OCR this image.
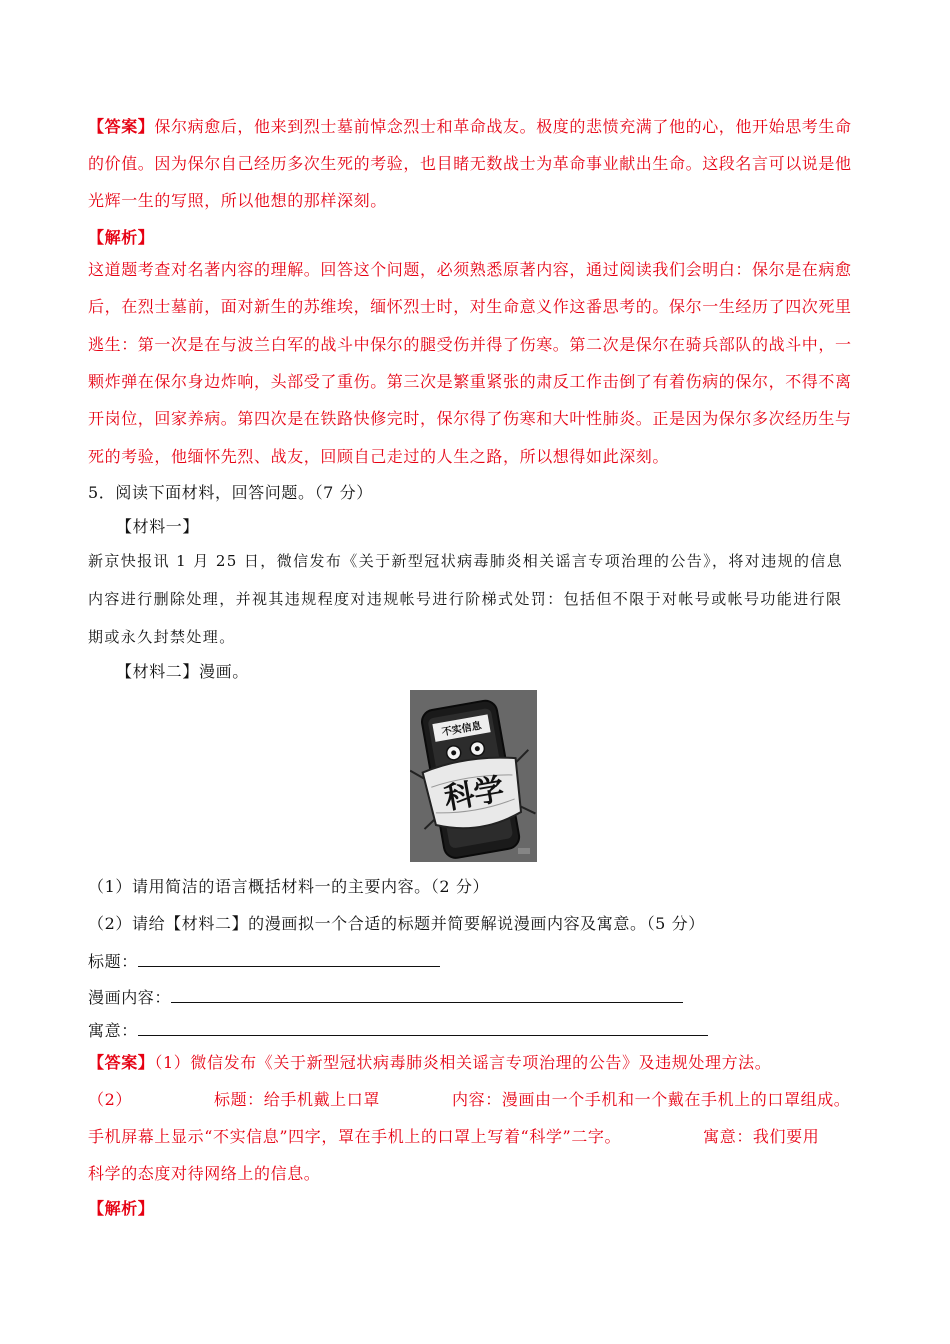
【答案】保尔病愈后，他来到烈士墓前悼念烈士和革命战友。极度的悲愤充满了他的心，他开始思考生命
的价值。因为保尔自己经历多次生死的考验，也目睹无数战士为革命事业献出生命。这段名言可以说是他
光辉一生的写照，所以他想的那样深刻。
【解析】
这道题考查对名著内容的理解。回答这个问题，必须熟悉原著内容，通过阅读我们会明白：保尔是在病愈
后，在烈士墓前，面对新生的苏维埃，缅怀烈士时，对生命意义作这番思考的。保尔一生经历了四次死里
逃生：第一次是在与波兰白军的战斗中保尔的腿受伤并得了伤寒。第二次是保尔在骑兵部队的战斗中，一
颗炸弹在保尔身边炸响，头部受了重伤。第三次是繁重紧张的肃反工作击倒了有着伤病的保尔，不得不离
开岗位，回家养病。第四次是在铁路快修完时，保尔得了伤寒和大叶性肺炎。正是因为保尔多次经历生与
死的考验，他缅怀先烈、战友，回顾自己走过的人生之路，所以想得如此深刻。
5．阅读下面材料，回答问题。（7 分）
【材料一】
新京快报讯 1 月 25 日，微信发布《关于新型冠状病毒肺炎相关谣言专项治理的公告》，将对违规的信息
内容进行删除处理，并视其违规程度对违规帐号进行阶梯式处罚：包括但不限于对帐号或帐号功能进行限
期或永久封禁处理。
【材料二】漫画。
不实信息
科学
（1）请用简洁的语言概括材料一的主要内容。（2 分）
（2）请给【材料二】的漫画拟一个合适的标题并简要解说漫画内容及寓意。（5 分）
标题：
漫画内容：
寓意：
【答案】（1）微信发布《关于新型冠状病毒肺炎相关谣言专项治理的公告》及违规处理方法。
（2）	标题：给手机戴上口罩	内容：漫画由一个手机和一个戴在手机上的口罩组成。
手机屏幕上显示“不实信息”四字，罩在手机上的口罩上写着“科学”二字。	寓意：我们要用
科学的态度对待网络上的信息。
【解析】
